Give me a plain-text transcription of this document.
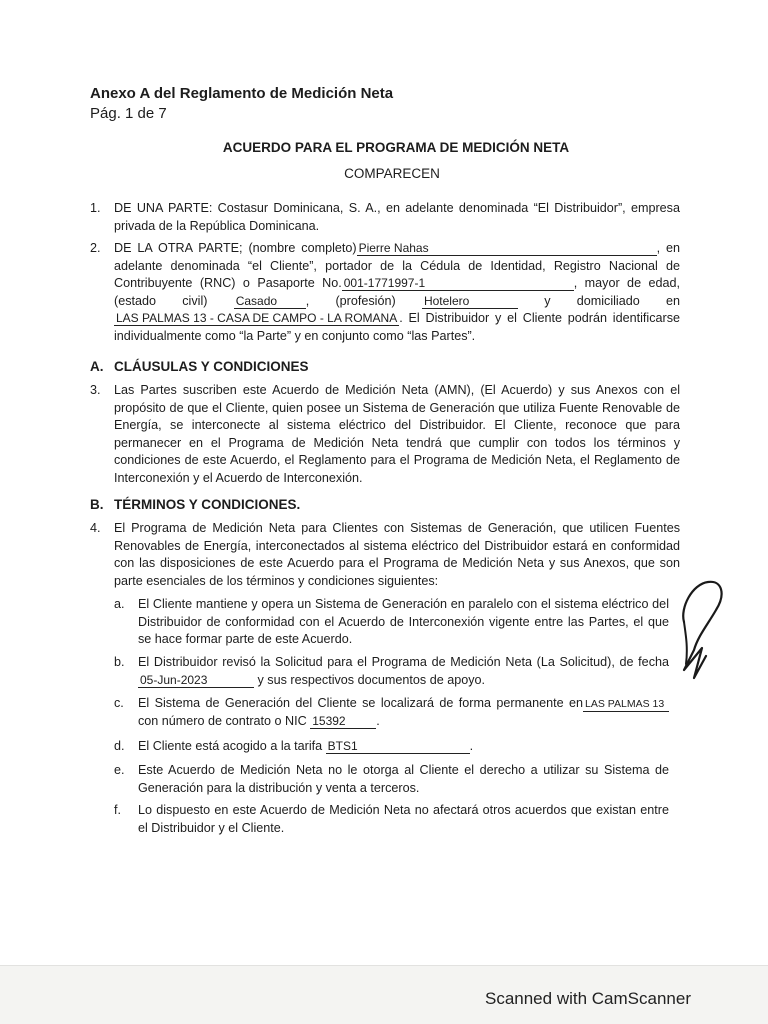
Anexo A del Reglamento de Medición Neta
Pág. 1 de 7
ACUERDO PARA EL PROGRAMA DE MEDICIÓN NETA
COMPARECEN
1. DE UNA PARTE: Costasur Dominicana, S. A., en adelante denominada “El Distribuidor”, empresa privada de la República Dominicana.
2. DE LA OTRA PARTE; (nombre completo) Pierre Nahas	, en adelante denominada “el Cliente”, portador de la Cédula de Identidad, Registro Nacional de Contribuyente (RNC) o Pasaporte No. 001-1771997-1	, mayor de edad, (estado civil) Casado , (profesión) Hotelero	y domiciliado en LAS PALMAS 13 - CASA DE CAMPO - LA ROMANA . El Distribuidor y el Cliente podrán identificarse individualmente como “la Parte” y en conjunto como “las Partes”.
A. CLÁUSULAS Y CONDICIONES
3. Las Partes suscriben este Acuerdo de Medición Neta (AMN), (El Acuerdo) y sus Anexos con el propósito de que el Cliente, quien posee un Sistema de Generación que utiliza Fuente Renovable de Energía, se interconecte al sistema eléctrico del Distribuidor. El Cliente, reconoce que para permanecer en el Programa de Medición Neta tendrá que cumplir con todos los términos y condiciones de este Acuerdo, el Reglamento para el Programa de Medición Neta, el Reglamento de Interconexión y el Acuerdo de Interconexión.
B. TÉRMINOS Y CONDICIONES.
4. El Programa de Medición Neta para Clientes con Sistemas de Generación, que utilicen Fuentes Renovables de Energía, interconectados al sistema eléctrico del Distribuidor estará en conformidad con las disposiciones de este Acuerdo para el Programa de Medición Neta y sus Anexos, que son parte esenciales de los términos y condiciones siguientes:
a. El Cliente mantiene y opera un Sistema de Generación en paralelo con el sistema eléctrico del Distribuidor de conformidad con el Acuerdo de Interconexión vigente entre las Partes, el que se hace formar parte de este Acuerdo.
b. El Distribuidor revisó la Solicitud para el Programa de Medición Neta (La Solicitud), de fecha 05-Jun-2023	y sus respectivos documentos de apoyo.
c. El Sistema de Generación del Cliente se localizará de forma permanente en LAS PALMAS 13 con número de contrato o NIC 15392 .
d. El Cliente está acogido a la tarifa BTS1	.
e. Este Acuerdo de Medición Neta no le otorga al Cliente el derecho a utilizar su Sistema de Generación para la distribución y venta a terceros.
f. Lo dispuesto en este Acuerdo de Medición Neta no afectará otros acuerdos que existan entre el Distribuidor y el Cliente.
Scanned with CamScanner
